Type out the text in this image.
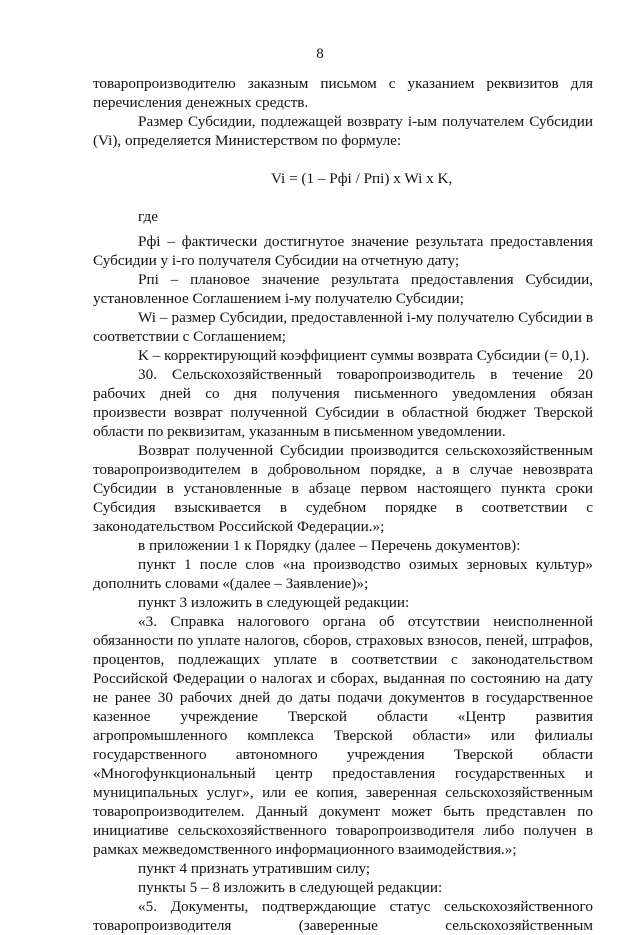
8

товаропроизводителю заказным письмом с указанием реквизитов для перечисления денежных средств.

Размер Субсидии, подлежащей возврату i-ым получателем Субсидии (Vi), определяется Министерством по формуле:

Vi = (1 – Pфi / Pпi) x Wi x K,

где

Pфi – фактически достигнутое значение результата предоставления Субсидии у i-го получателя Субсидии на отчетную дату;

Pпi – плановое значение результата предоставления Субсидии, установленное Соглашением i-му получателю Субсидии;

Wi – размер Субсидии, предоставленной i-му получателю Субсидии в соответствии с Соглашением;

K – корректирующий коэффициент суммы возврата Субсидии (= 0,1).

30. Сельскохозяйственный товаропроизводитель в течение 20 рабочих дней со дня получения письменного уведомления обязан произвести возврат полученной Субсидии в областной бюджет Тверской области по реквизитам, указанным в письменном уведомлении.

Возврат полученной Субсидии производится сельскохозяйственным товаропроизводителем в добровольном порядке, а в случае невозврата Субсидии в установленные в абзаце первом настоящего пункта сроки Субсидия взыскивается в судебном порядке в соответствии с законодательством Российской Федерации.»;

в приложении 1 к Порядку (далее – Перечень документов):

пункт 1 после слов «на производство озимых зерновых культур» дополнить словами «(далее – Заявление)»;

пункт 3 изложить в следующей редакции:

«3. Справка налогового органа об отсутствии неисполненной обязанности по уплате налогов, сборов, страховых взносов, пеней, штрафов, процентов, подлежащих уплате в соответствии с законодательством Российской Федерации о налогах и сборах, выданная по состоянию на дату не ранее 30 рабочих дней до даты подачи документов в государственное казенное учреждение Тверской области «Центр развития агропромышленного комплекса Тверской области» или филиалы государственного автономного учреждения Тверской области «Многофункциональный центр предоставления государственных и муниципальных услуг», или ее копия, заверенная сельскохозяйственным товаропроизводителем. Данный документ может быть представлен по инициативе сельскохозяйственного товаропроизводителя либо получен в рамках межведомственного информационного взаимодействия.»;

пункт 4 признать утратившим силу;

пункты 5 – 8 изложить в следующей редакции:

«5. Документы, подтверждающие статус сельскохозяйственного товаропроизводителя (заверенные сельскохозяйственным
